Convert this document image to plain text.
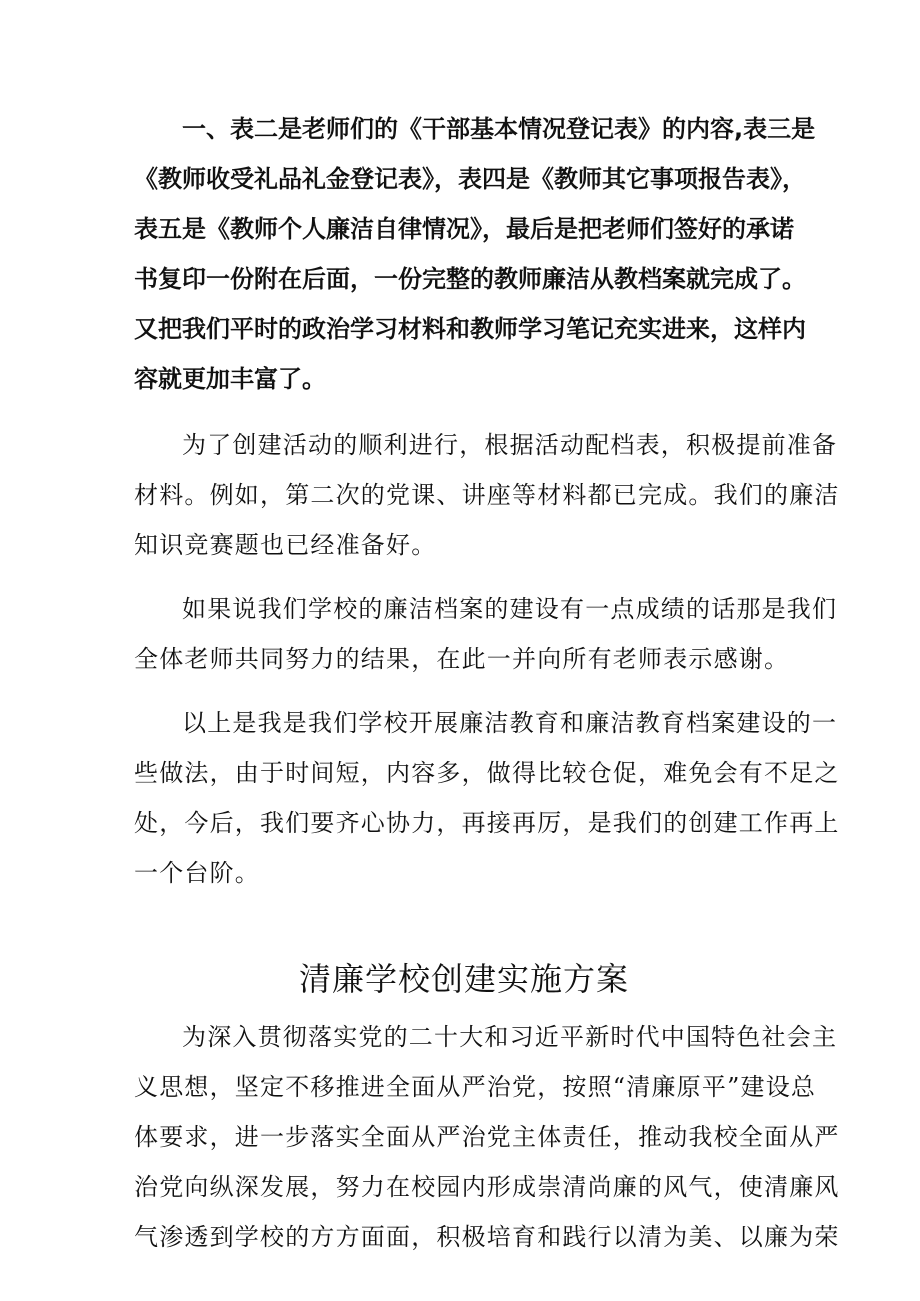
一、表二是老师们的《干部基本情况登记表》的内容,表三是
《教师收受礼品礼金登记表》，表四是《教师其它事项报告表》，
表五是《教师个人廉洁自律情况》，最后是把老师们签好的承诺
书复印一份附在后面，一份完整的教师廉洁从教档案就完成了。
又把我们平时的政治学习材料和教师学习笔记充实进来，这样内
容就更加丰富了。
为了创建活动的顺利进行，根据活动配档表，积极提前准备
材料。例如，第二次的党课、讲座等材料都已完成。我们的廉洁
知识竞赛题也已经准备好。
如果说我们学校的廉洁档案的建设有一点成绩的话那是我们
全体老师共同努力的结果，在此一并向所有老师表示感谢。
以上是我是我们学校开展廉洁教育和廉洁教育档案建设的一
些做法，由于时间短，内容多，做得比较仓促，难免会有不足之
处，今后，我们要齐心协力，再接再厉，是我们的创建工作再上
一个台阶。
清廉学校创建实施方案
为深入贯彻落实党的二十大和习近平新时代中国特色社会主
义思想，坚定不移推进全面从严治党，按照“清廉原平”建设总
体要求，进一步落实全面从严治党主体责任，推动我校全面从严
治党向纵深发展，努力在校园内形成崇清尚廉的风气，使清廉风
气渗透到学校的方方面面，积极培育和践行以清为美、以廉为荣
